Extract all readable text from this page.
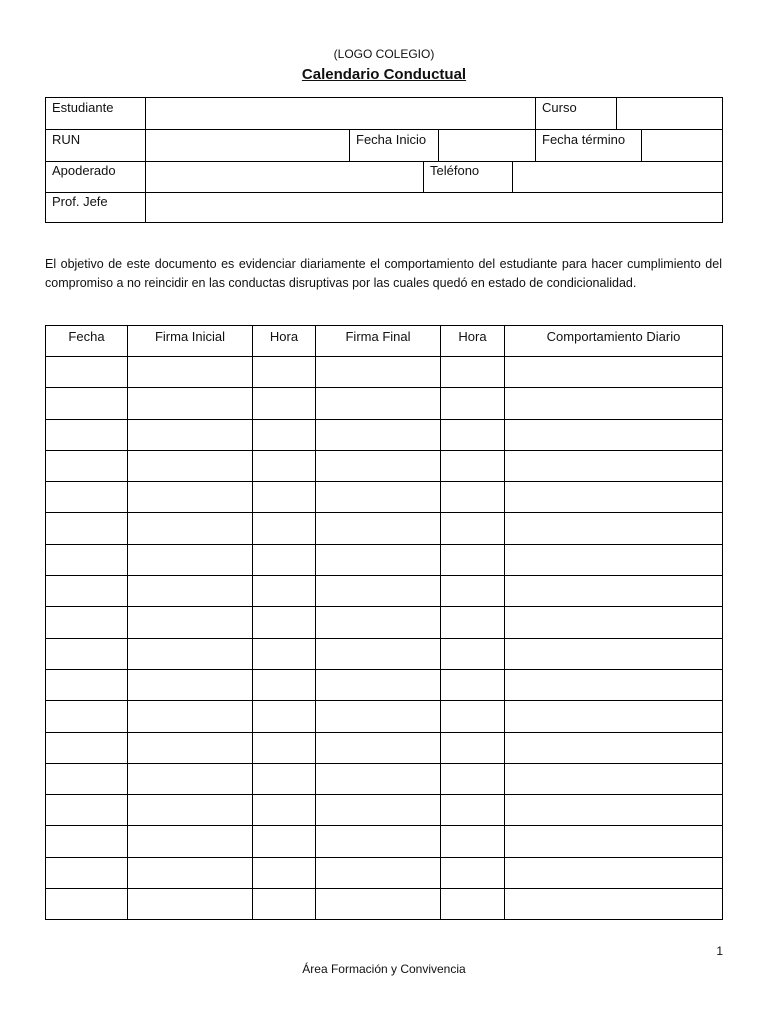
(LOGO COLEGIO)
Calendario Conductual
Estudiante	Curso
RUN	Fecha Inicio	Fecha término
Apoderado	Teléfono
Prof. Jefe
El objetivo de este documento es evidenciar diariamente el comportamiento del estudiante para hacer cumplimiento del compromiso a no reincidir en las conductas disruptivas por las cuales quedó en estado de condicionalidad.
Fecha	Firma Inicial	Hora	Firma Final	Hora	Comportamiento Diario

1
Área Formación y Convivencia
